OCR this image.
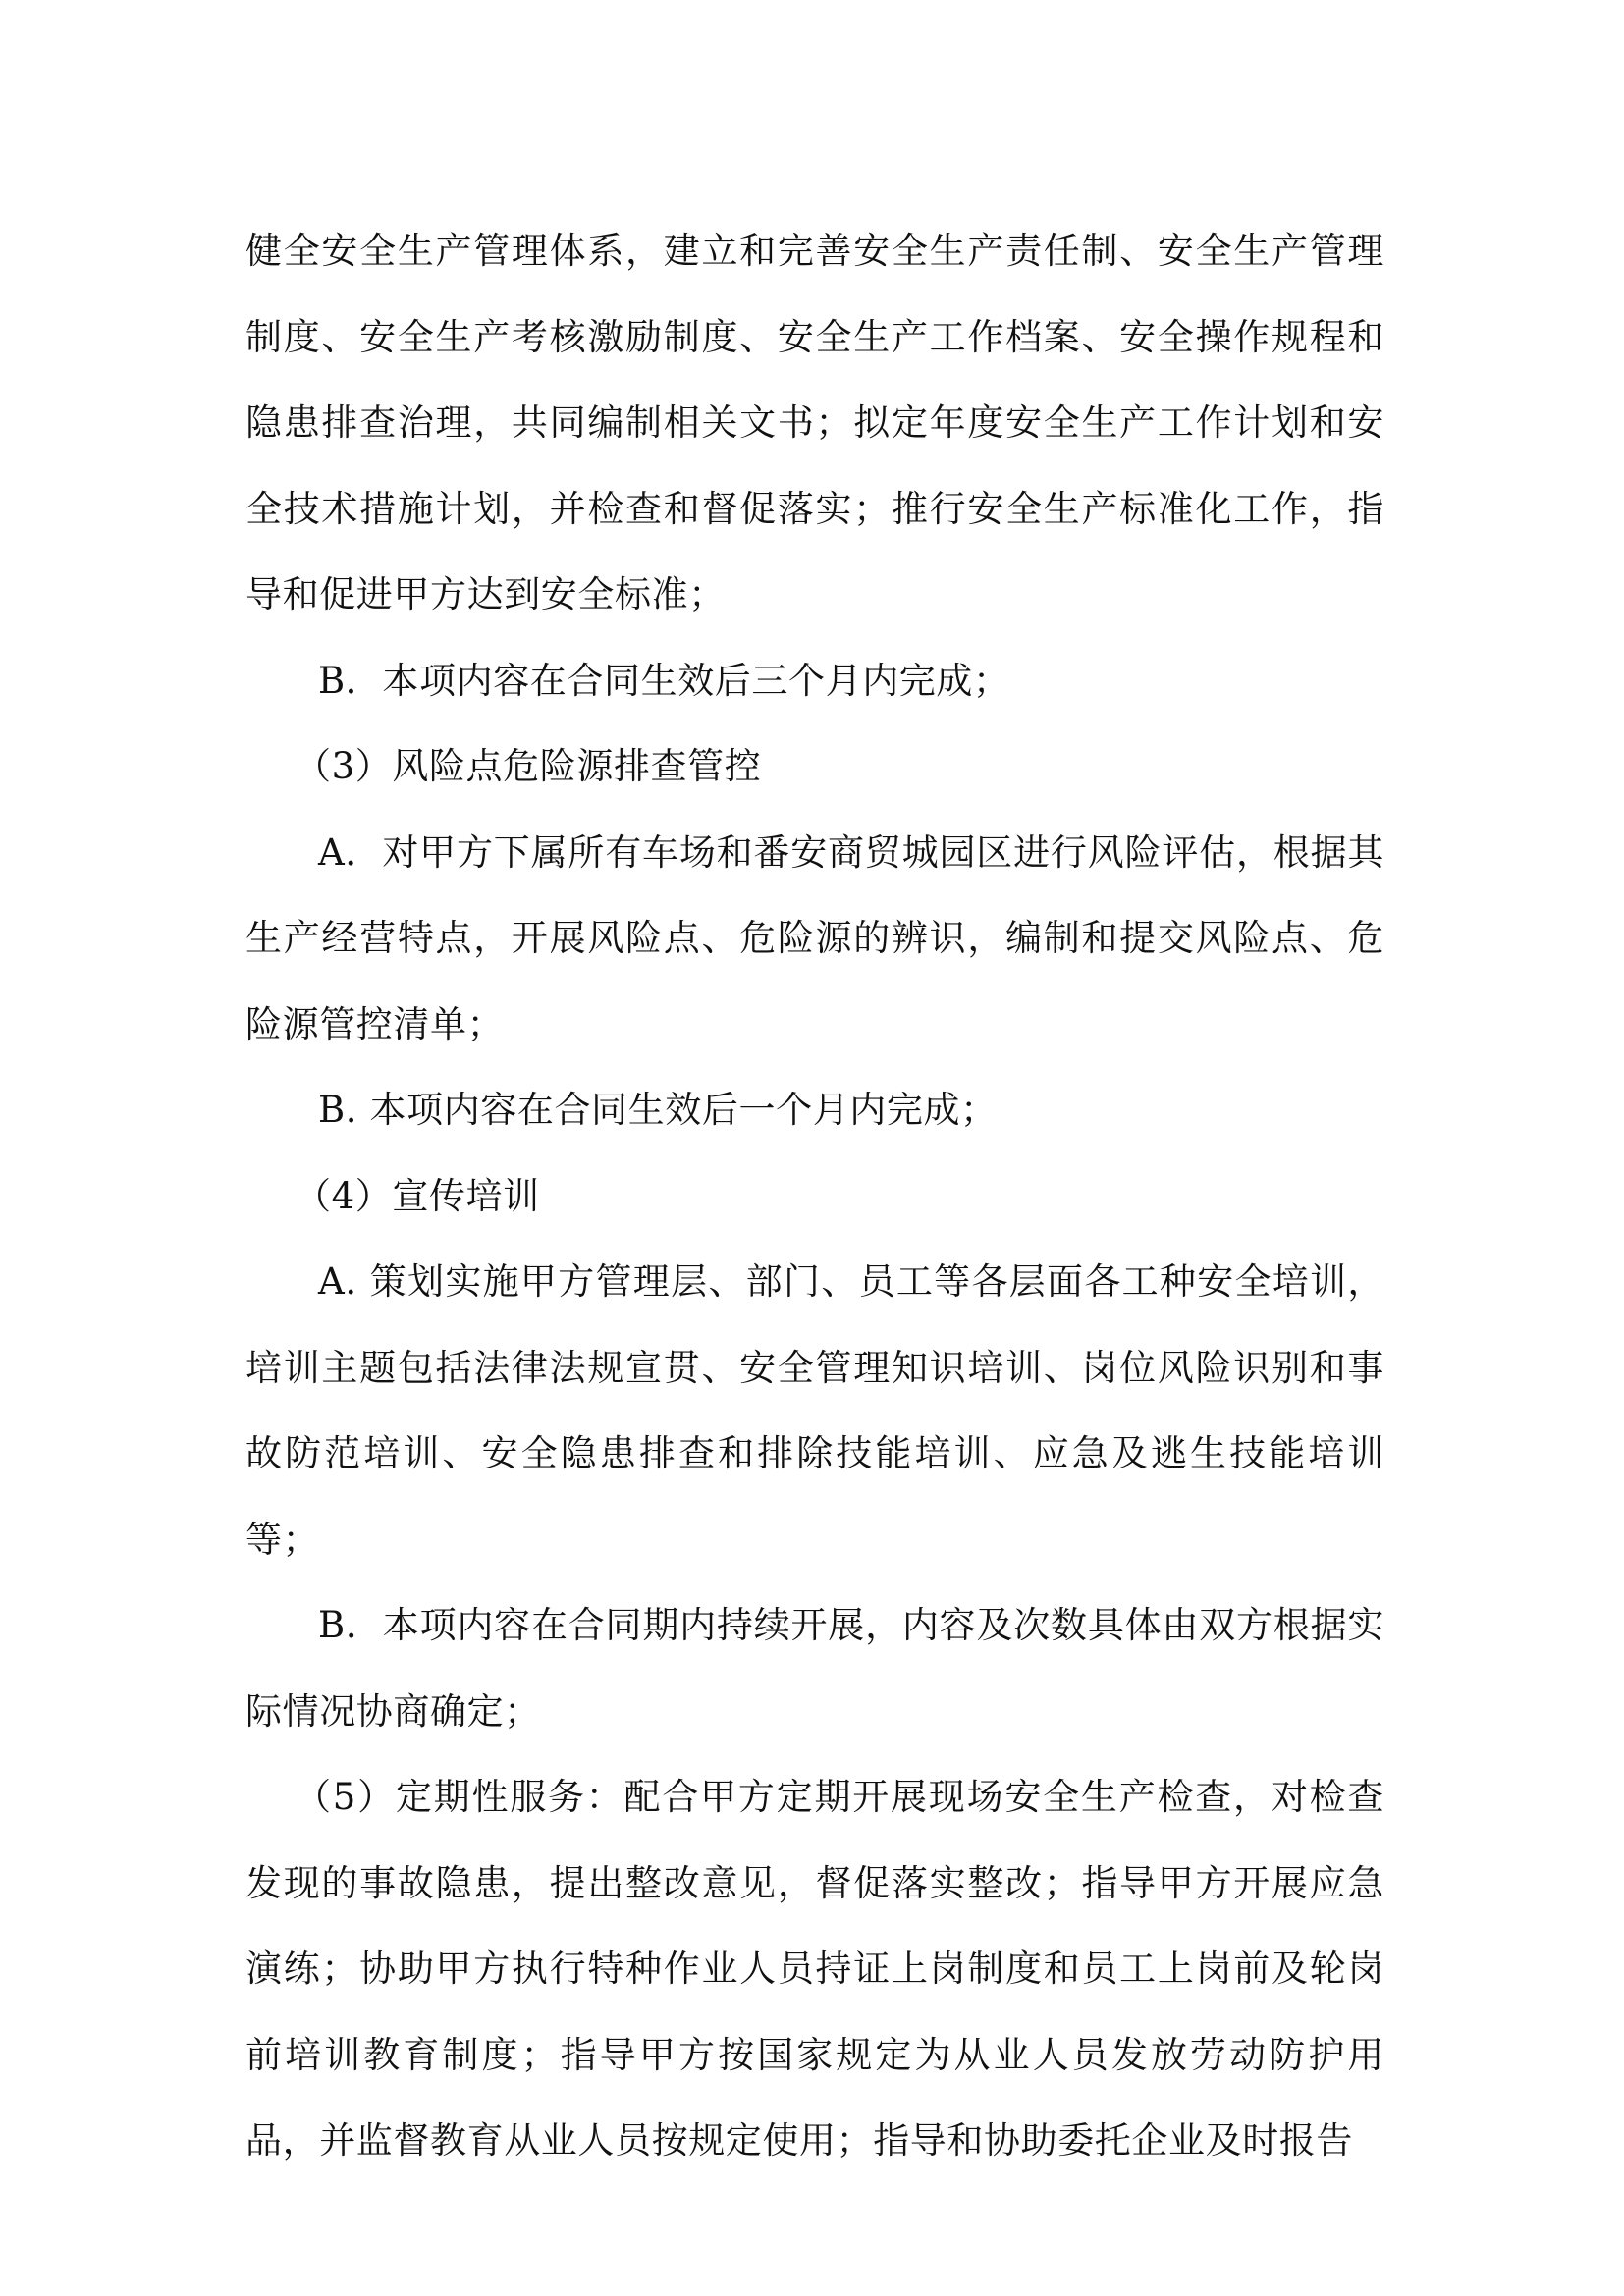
健全安全生产管理体系，建立和完善安全生产责任制、安全生产管理制度、安全生产考核激励制度、安全生产工作档案、安全操作规程和隐患排查治理，共同编制相关文书；拟定年度安全生产工作计划和安全技术措施计划，并检查和督促落实；推行安全生产标准化工作，指导和促进甲方达到安全标准；

B．本项内容在合同生效后三个月内完成；

（3）风险点危险源排查管控

A．对甲方下属所有车场和番安商贸城园区进行风险评估，根据其生产经营特点，开展风险点、危险源的辨识，编制和提交风险点、危险源管控清单；

B. 本项内容在合同生效后一个月内完成；

（4）宣传培训

A. 策划实施甲方管理层、部门、员工等各层面各工种安全培训，培训主题包括法律法规宣贯、安全管理知识培训、岗位风险识别和事故防范培训、安全隐患排查和排除技能培训、应急及逃生技能培训等；

B．本项内容在合同期内持续开展，内容及次数具体由双方根据实际情况协商确定；

（5）定期性服务：配合甲方定期开展现场安全生产检查，对检查发现的事故隐患，提出整改意见，督促落实整改；指导甲方开展应急演练；协助甲方执行特种作业人员持证上岗制度和员工上岗前及轮岗前培训教育制度；指导甲方按国家规定为从业人员发放劳动防护用品，并监督教育从业人员按规定使用；指导和协助委托企业及时报告
